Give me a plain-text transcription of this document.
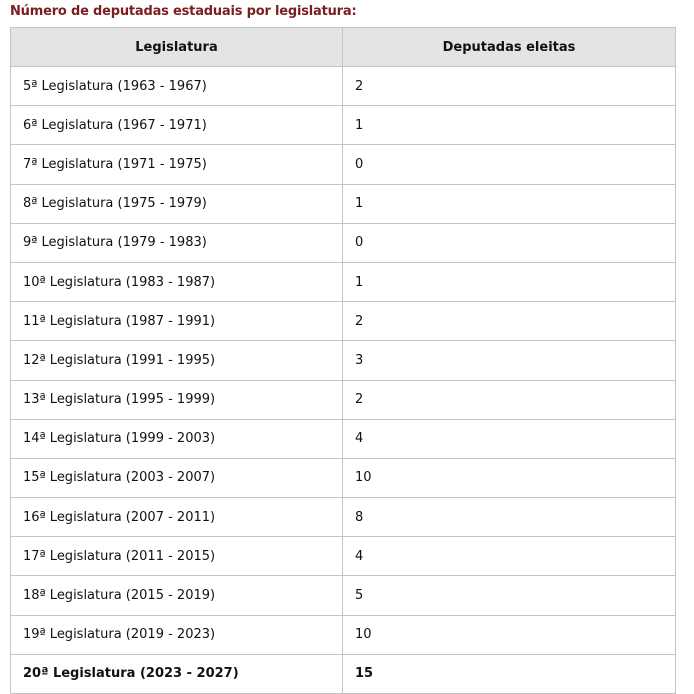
Número de deputadas estaduais por legislatura:
Legislatura	Deputadas eleitas
5ª Legislatura (1963 - 1967)	2
6ª Legislatura (1967 - 1971)	1
7ª Legislatura (1971 - 1975)	0
8ª Legislatura (1975 - 1979)	1
9ª Legislatura (1979 - 1983)	0
10ª Legislatura (1983 - 1987)	1
11ª Legislatura (1987 - 1991)	2
12ª Legislatura (1991 - 1995)	3
13ª Legislatura (1995 - 1999)	2
14ª Legislatura (1999 - 2003)	4
15ª Legislatura (2003 - 2007)	10
16ª Legislatura (2007 - 2011)	8
17ª Legislatura (2011 - 2015)	4
18ª Legislatura (2015 - 2019)	5
19ª Legislatura (2019 - 2023)	10
20ª Legislatura (2023 - 2027)	15
